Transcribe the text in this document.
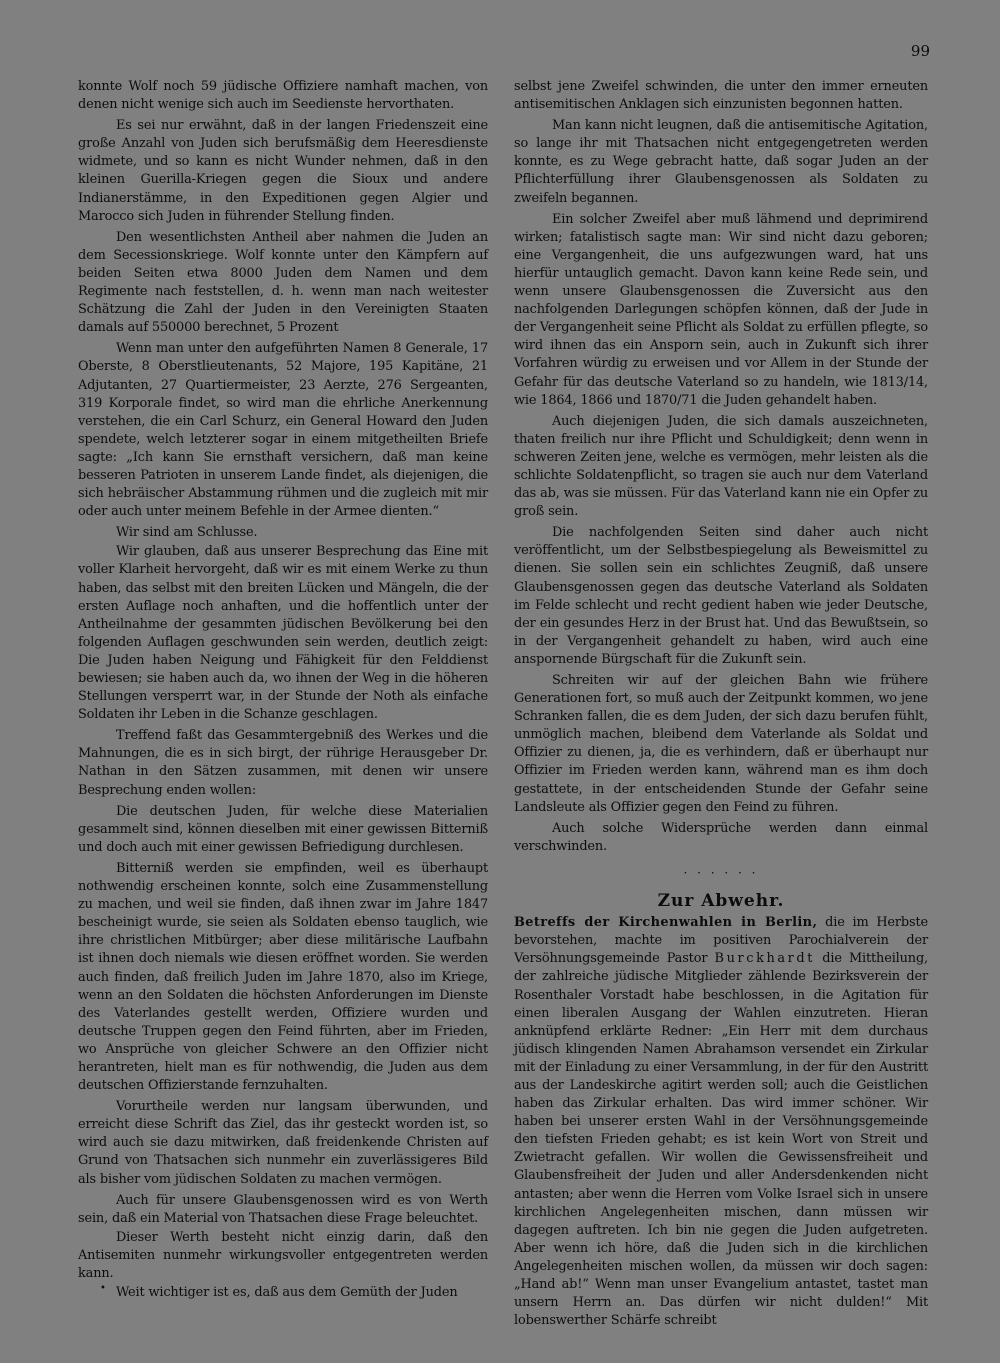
99

konnte Wolf noch 59 jüdische Offiziere namhaft machen, von denen nicht wenige sich auch im Seedienste hervorthaten.

Es sei nur erwähnt, daß in der langen Friedenszeit eine große Anzahl von Juden sich berufsmäßig dem Heeresdienste widmete, und so kann es nicht Wunder nehmen, daß in den kleinen Guerilla-Kriegen gegen die Sioux und andere Indianerstämme, in den Expeditionen gegen Algier und Marocco sich Juden in führender Stellung finden.

Den wesentlichsten Antheil aber nahmen die Juden an dem Secessionskriege. Wolf konnte unter den Kämpfern auf beiden Seiten etwa 8000 Juden dem Namen und dem Regimente nach feststellen, d. h. wenn man nach weitester Schätzung die Zahl der Juden in den Vereinigten Staaten damals auf 550000 berechnet, 5 Prozent

Wenn man unter den aufgeführten Namen 8 Generale, 17 Oberste, 8 Oberstlieutenants, 52 Majore, 195 Kapitäne, 21 Adjutanten, 27 Quartiermeister, 23 Aerzte, 276 Sergeanten, 319 Korporale findet, so wird man die ehrliche Anerkennung verstehen, die ein Carl Schurz, ein General Howard den Juden spendete, welch letzterer sogar in einem mitgetheilten Briefe sagte: „Ich kann Sie ernsthaft versichern, daß man keine besseren Patrioten in unserem Lande findet, als diejenigen, die sich hebräischer Abstammung rühmen und die zugleich mit mir oder auch unter meinem Befehle in der Armee dienten.“

Wir sind am Schlusse.

Wir glauben, daß aus unserer Besprechung das Eine mit voller Klarheit hervorgeht, daß wir es mit einem Werke zu thun haben, das selbst mit den breiten Lücken und Mängeln, die der ersten Auflage noch anhaften, und die hoffentlich unter der Antheilnahme der gesammten jüdischen Bevölkerung bei den folgenden Auflagen geschwunden sein werden, deutlich zeigt: Die Juden haben Neigung und Fähigkeit für den Felddienst bewiesen; sie haben auch da, wo ihnen der Weg in die höheren Stellungen versperrt war, in der Stunde der Noth als einfache Soldaten ihr Leben in die Schanze geschlagen.

Treffend faßt das Gesammtergebniß des Werkes und die Mahnungen, die es in sich birgt, der rührige Herausgeber Dr. Nathan in den Sätzen zusammen, mit denen wir unsere Besprechung enden wollen:

Die deutschen Juden, für welche diese Materialien gesammelt sind, können dieselben mit einer gewissen Bitterniß und doch auch mit einer gewissen Befriedigung durchlesen.

Bitterniß werden sie empfinden, weil es überhaupt nothwendig erscheinen konnte, solch eine Zusammenstellung zu machen, und weil sie finden, daß ihnen zwar im Jahre 1847 bescheinigt wurde, sie seien als Soldaten ebenso tauglich, wie ihre christlichen Mitbürger; aber diese militärische Laufbahn ist ihnen doch niemals wie diesen eröffnet worden. Sie werden auch finden, daß freilich Juden im Jahre 1870, also im Kriege, wenn an den Soldaten die höchsten Anforderungen im Dienste des Vaterlandes gestellt werden, Offiziere wurden und deutsche Truppen gegen den Feind führten, aber im Frieden, wo Ansprüche von gleicher Schwere an den Offizier nicht herantreten, hielt man es für nothwendig, die Juden aus dem deutschen Offizierstande fernzuhalten.

Vorurtheile werden nur langsam überwunden, und erreicht diese Schrift das Ziel, das ihr gesteckt worden ist, so wird auch sie dazu mitwirken, daß freidenkende Christen auf Grund von Thatsachen sich nunmehr ein zuverlässigeres Bild als bisher vom jüdischen Soldaten zu machen vermögen.

Auch für unsere Glaubensgenossen wird es von Werth sein, daß ein Material von Thatsachen diese Frage beleuchtet.

Dieser Werth besteht nicht einzig darin, daß den Antisemiten nunmehr wirkungsvoller entgegentreten werden kann.

Weit wichtiger ist es, daß aus dem Gemüth der Juden

selbst jene Zweifel schwinden, die unter den immer erneuten antisemitischen Anklagen sich einzunisten begonnen hatten.

Man kann nicht leugnen, daß die antisemitische Agitation, so lange ihr mit Thatsachen nicht entgegengetreten werden konnte, es zu Wege gebracht hatte, daß sogar Juden an der Pflichterfüllung ihrer Glaubensgenossen als Soldaten zu zweifeln begannen.

Ein solcher Zweifel aber muß lähmend und deprimirend wirken; fatalistisch sagte man: Wir sind nicht dazu geboren; eine Vergangenheit, die uns aufgezwungen ward, hat uns hierfür untauglich gemacht. Davon kann keine Rede sein, und wenn unsere Glaubensgenossen die Zuversicht aus den nachfolgenden Darlegungen schöpfen können, daß der Jude in der Vergangenheit seine Pflicht als Soldat zu erfüllen pflegte, so wird ihnen das ein Ansporn sein, auch in Zukunft sich ihrer Vorfahren würdig zu erweisen und vor Allem in der Stunde der Gefahr für das deutsche Vaterland so zu handeln, wie 1813/14, wie 1864, 1866 und 1870/71 die Juden gehandelt haben.

Auch diejenigen Juden, die sich damals auszeichneten, thaten freilich nur ihre Pflicht und Schuldigkeit; denn wenn in schweren Zeiten jene, welche es vermögen, mehr leisten als die schlichte Soldatenpflicht, so tragen sie auch nur dem Vaterland das ab, was sie müssen. Für das Vaterland kann nie ein Opfer zu groß sein.

Die nachfolgenden Seiten sind daher auch nicht veröffentlicht, um der Selbstbespiegelung als Beweismittel zu dienen. Sie sollen sein ein schlichtes Zeugniß, daß unsere Glaubensgenossen gegen das deutsche Vaterland als Soldaten im Felde schlecht und recht gedient haben wie jeder Deutsche, der ein gesundes Herz in der Brust hat. Und das Bewußtsein, so in der Vergangenheit gehandelt zu haben, wird auch eine anspornende Bürgschaft für die Zukunft sein.

Schreiten wir auf der gleichen Bahn wie frühere Generationen fort, so muß auch der Zeitpunkt kommen, wo jene Schranken fallen, die es dem Juden, der sich dazu berufen fühlt, unmöglich machen, bleibend dem Vaterlande als Soldat und Offizier zu dienen, ja, die es verhindern, daß er überhaupt nur Offizier im Frieden werden kann, während man es ihm doch gestattete, in der entscheidenden Stunde der Gefahr seine Landsleute als Offizier gegen den Feind zu führen.

Auch solche Widersprüche werden dann einmal verschwinden.

· · · · · ·
Zur Abwehr.

Betreffs der Kirchenwahlen in Berlin, die im Herbste bevorstehen, machte im positiven Parochialverein der Versöhnungsgemeinde Pastor Burckhardt die Mittheilung, der zahlreiche jüdische Mitglieder zählende Bezirksverein der Rosenthaler Vorstadt habe beschlossen, in die Agitation für einen liberalen Ausgang der Wahlen einzutreten. Hieran anknüpfend erklärte Redner: „Ein Herr mit dem durchaus jüdisch klingenden Namen Abrahamson versendet ein Zirkular mit der Einladung zu einer Versammlung, in der für den Austritt aus der Landeskirche agitirt werden soll; auch die Geistlichen haben das Zirkular erhalten. Das wird immer schöner. Wir haben bei unserer ersten Wahl in der Versöhnungsgemeinde den tiefsten Frieden gehabt; es ist kein Wort von Streit und Zwietracht gefallen. Wir wollen die Gewissensfreiheit und Glaubensfreiheit der Juden und aller Andersdenkenden nicht antasten; aber wenn die Herren vom Volke Israel sich in unsere kirchlichen Angelegenheiten mischen, dann müssen wir dagegen auftreten. Ich bin nie gegen die Juden aufgetreten. Aber wenn ich höre, daß die Juden sich in die kirchlichen Angelegenheiten mischen wollen, da müssen wir doch sagen: „Hand ab!“ Wenn man unser Evangelium antastet, tastet man unsern Herrn an. Das dürfen wir nicht dulden!“ Mit lobenswerther Schärfe schreibt

•
